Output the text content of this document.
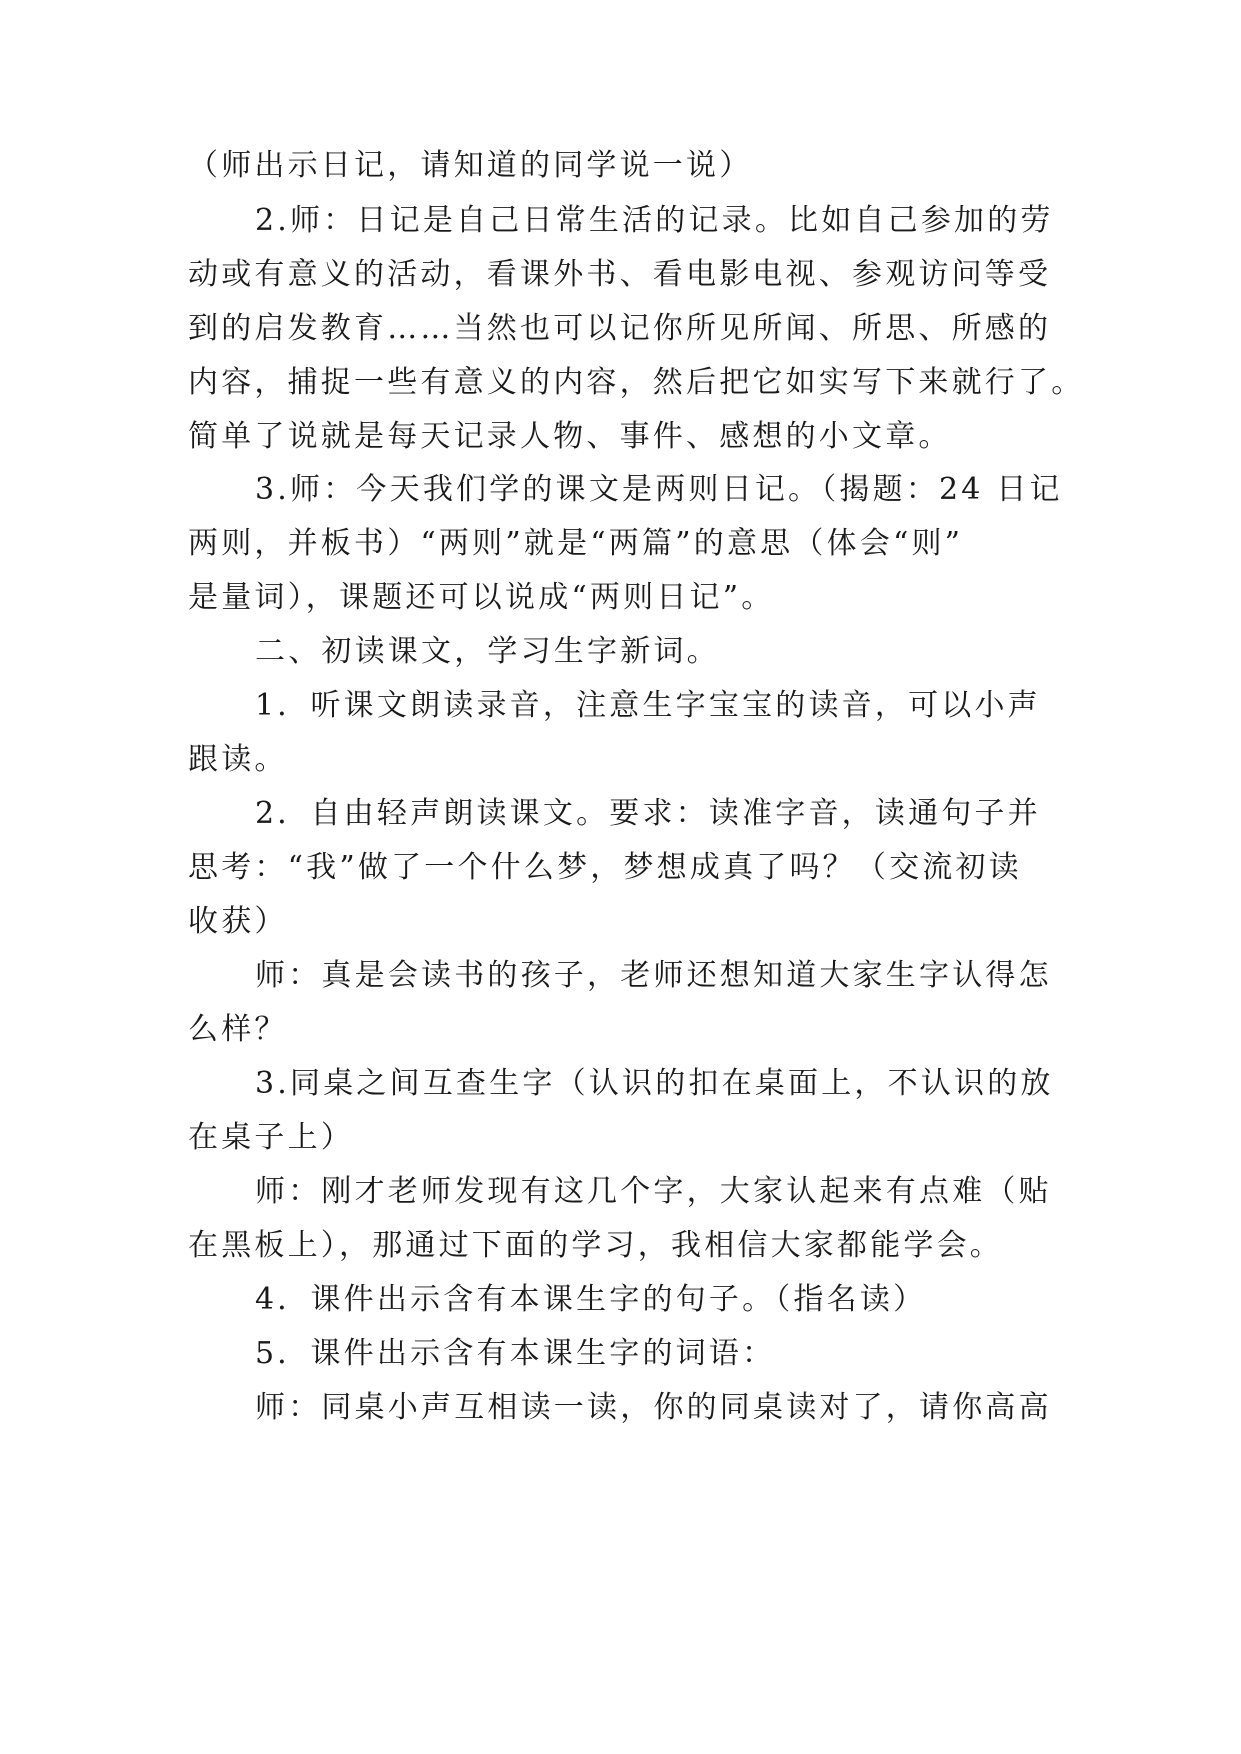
（师出示日记，请知道的同学说一说）
2.师：日记是自己日常生活的记录。比如自己参加的劳
动或有意义的活动，看课外书、看电影电视、参观访问等受
到的启发教育……当然也可以记你所见所闻、所思、所感的
内容，捕捉一些有意义的内容，然后把它如实写下来就行了。
简单了说就是每天记录人物、事件、感想的小文章。
3.师：今天我们学的课文是两则日记。（揭题：24 日记
两则，并板书）“两则”就是“两篇”的意思（体会“则”
是量词），课题还可以说成“两则日记”。
二、初读课文，学习生字新词。
1．听课文朗读录音，注意生字宝宝的读音，可以小声
跟读。
2．自由轻声朗读课文。要求：读准字音，读通句子并
思考：“我”做了一个什么梦，梦想成真了吗？（交流初读
收获）
师：真是会读书的孩子，老师还想知道大家生字认得怎
么样？
3.同桌之间互查生字（认识的扣在桌面上，不认识的放
在桌子上）
师：刚才老师发现有这几个字，大家认起来有点难（贴
在黑板上），那通过下面的学习，我相信大家都能学会。
4．课件出示含有本课生字的句子。（指名读）
5．课件出示含有本课生字的词语：
师：同桌小声互相读一读，你的同桌读对了，请你高高
